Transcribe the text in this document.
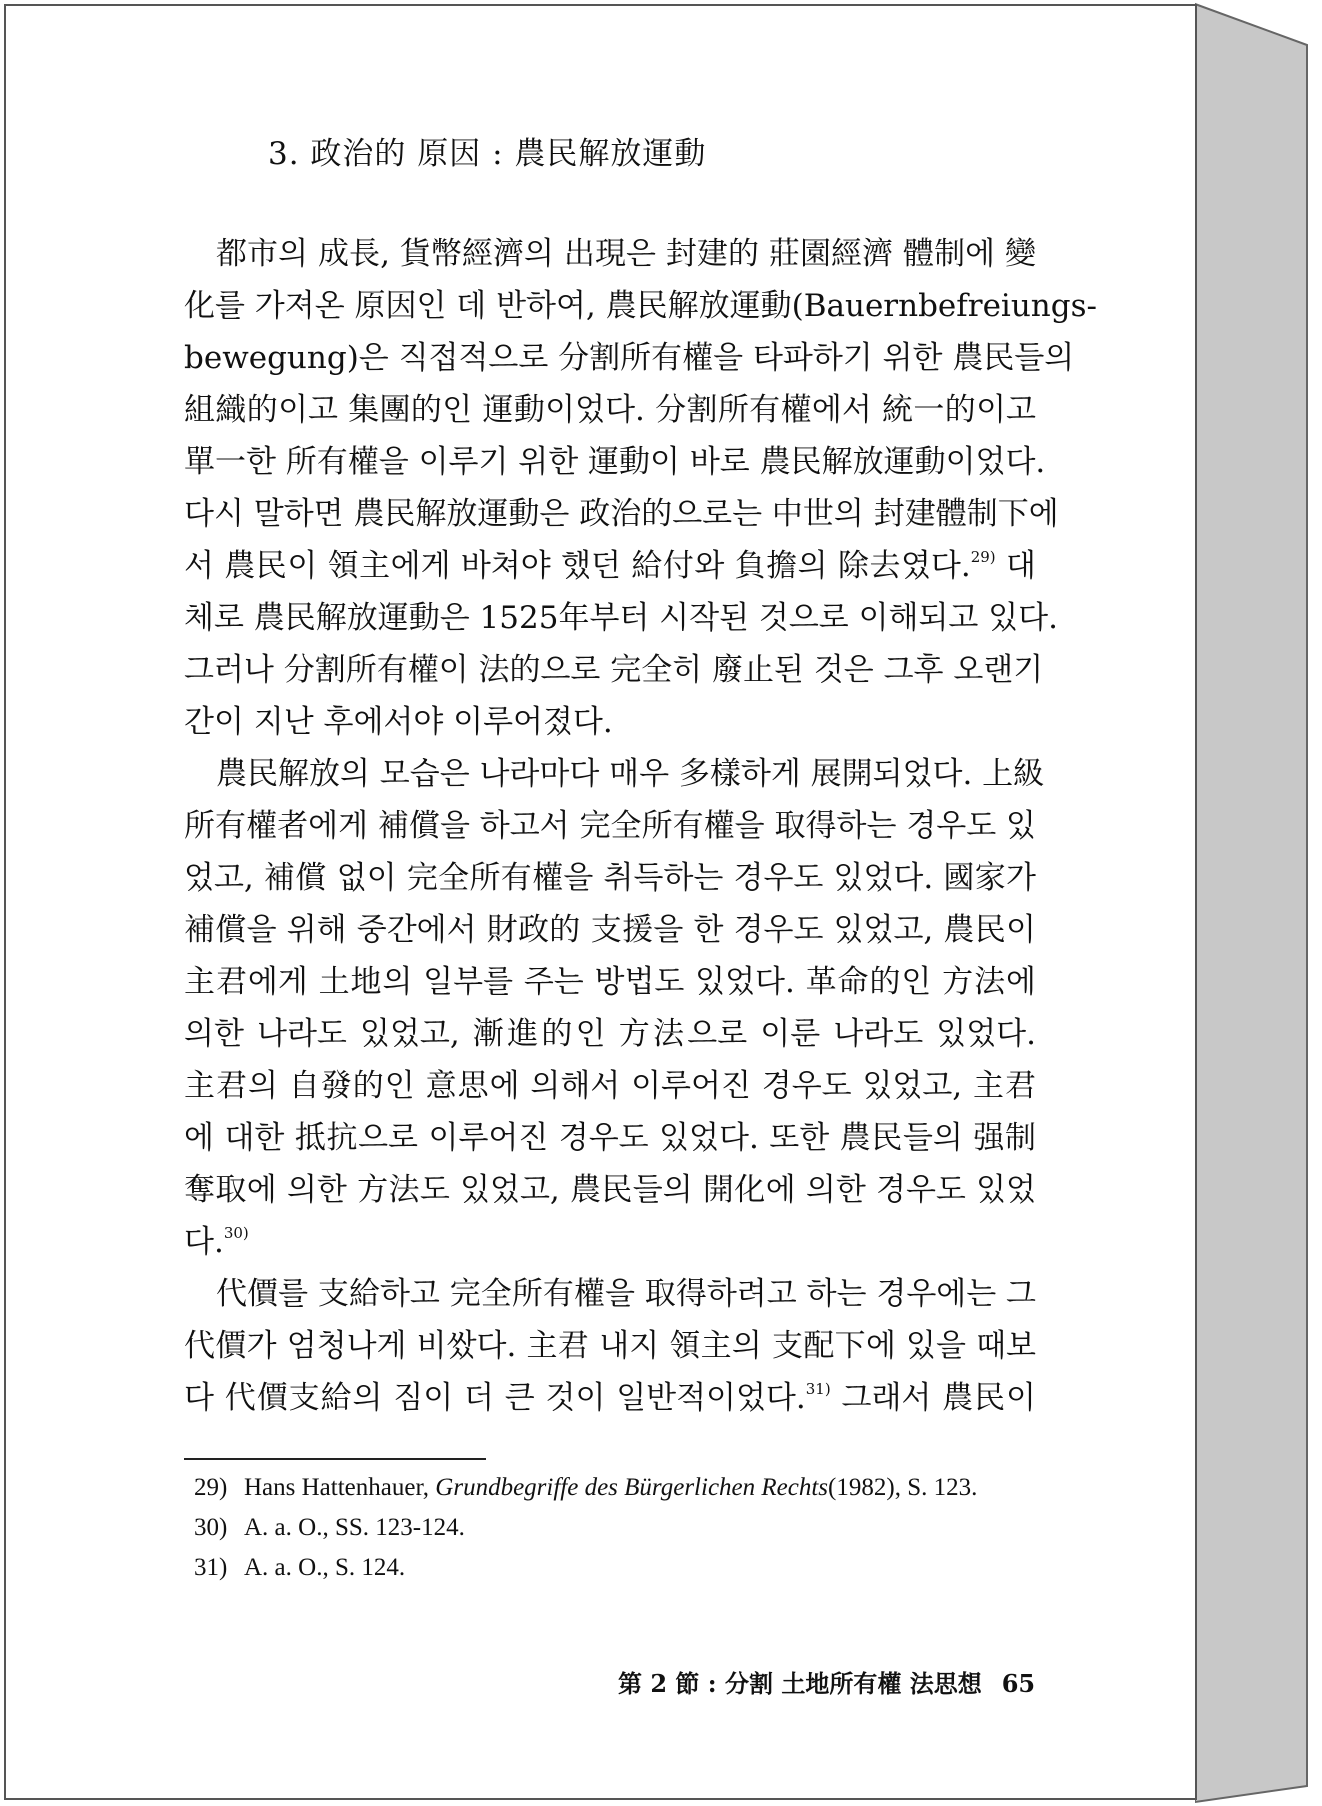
3. 政治的 原因 : 農民解放運動
都市의 成長, 貨幣經濟의 出現은 封建的 莊園經濟 體制에 變
化를 가져온 原因인 데 반하여, 農民解放運動(Bauernbefreiungs-
bewegung)은 직접적으로 分割所有權을 타파하기 위한 農民들의
組織的이고 集團的인 運動이었다. 分割所有權에서 統一的이고
單一한 所有權을 이루기 위한 運動이 바로 農民解放運動이었다.
다시 말하면 農民解放運動은 政治的으로는 中世의 封建體制下에
서 農民이 領主에게 바쳐야 했던 給付와 負擔의 除去였다.$^{29)}$ 대
체로 農民解放運動은 1525年부터 시작된 것으로 이해되고 있다.
그러나 分割所有權이 法的으로 完全히 廢止된 것은 그후 오랜기
간이 지난 후에서야 이루어졌다.
農民解放의 모습은 나라마다 매우 多樣하게 展開되었다. 上級
所有權者에게 補償을 하고서 完全所有權을 取得하는 경우도 있
었고, 補償 없이 完全所有權을 취득하는 경우도 있었다. 國家가
補償을 위해 중간에서 財政的 支援을 한 경우도 있었고, 農民이
主君에게 土地의 일부를 주는 방법도 있었다. 革命的인 方法에
의한 나라도 있었고, 漸進的인 方法으로 이룬 나라도 있었다.
主君의 自發的인 意思에 의해서 이루어진 경우도 있었고, 主君
에 대한 抵抗으로 이루어진 경우도 있었다. 또한 農民들의 强制
奪取에 의한 方法도 있었고, 農民들의 開化에 의한 경우도 있었
다.$^{30)}$
代價를 支給하고 完全所有權을 取得하려고 하는 경우에는 그
代價가 엄청나게 비쌌다. 主君 내지 領主의 支配下에 있을 때보
다 代價支給의 짐이 더 큰 것이 일반적이었다.$^{31)}$ 그래서 農民이
29) Hans Hattenhauer, Grundbegriffe des Bürgerlichen Rechts(1982), S. 123.
30) A. a. O., SS. 123-124.
31) A. a. O., S. 124.
第 2 節 : 分割 土地所有權 法思想 65
